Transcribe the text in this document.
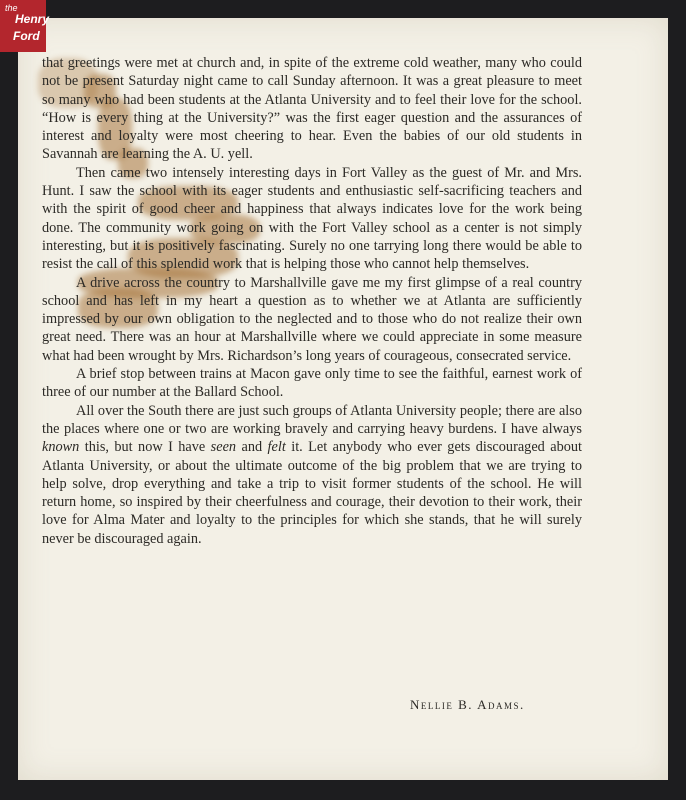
the
Henry
Ford

that greetings were met at church and, in spite of the extreme cold weather, many who could not be present Saturday night came to call Sunday afternoon. It was a great pleasure to meet so many who had been students at the Atlanta University and to feel their love for the school. “How is every thing at the University?” was the first eager question and the assurances of interest and loyalty were most cheering to hear. Even the babies of our old students in Savannah are learning the A. U. yell.

Then came two intensely interesting days in Fort Valley as the guest of Mr. and Mrs. Hunt. I saw the school with its eager students and enthusiastic self-sacrificing teachers and with the spirit of good cheer and happiness that always indicates love for the work being done. The community work going on with the Fort Valley school as a center is not simply interesting, but it is positively fascinating. Surely no one tarrying long there would be able to resist the call of this splendid work that is helping those who cannot help themselves.

A drive across the country to Marshallville gave me my first glimpse of a real country school and has left in my heart a question as to whether we at Atlanta are sufficiently impressed by our own obligation to the neglected and to those who do not realize their own great need. There was an hour at Marshallville where we could appreciate in some measure what had been wrought by Mrs. Richardson’s long years of courageous, consecrated service.

A brief stop between trains at Macon gave only time to see the faithful, earnest work of three of our number at the Ballard School.

All over the South there are just such groups of Atlanta University people; there are also the places where one or two are working bravely and carrying heavy burdens. I have always known this, but now I have seen and felt it. Let anybody who ever gets discouraged about Atlanta University, or about the ultimate outcome of the big problem that we are trying to help solve, drop everything and take a trip to visit former students of the school. He will return home, so inspired by their cheerfulness and courage, their devotion to their work, their love for Alma Mater and loyalty to the principles for which she stands, that he will surely never be discouraged again.

Nellie B. Adams.
